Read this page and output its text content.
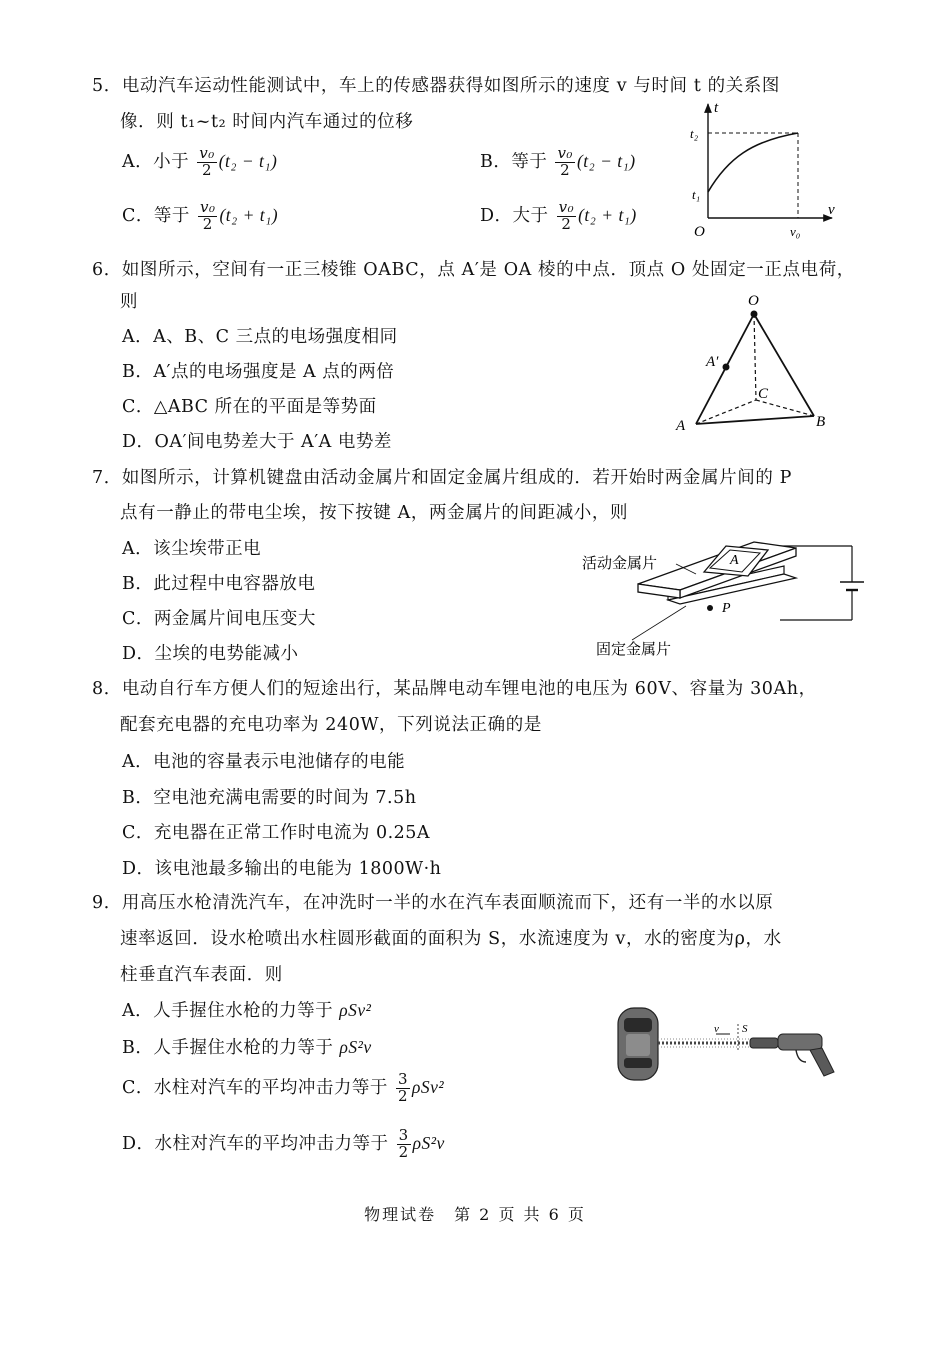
5．电动汽车运动性能测试中，车上的传感器获得如图所示的速度 v 与时间 t 的关系图
像．则 t₁~t₂ 时间内汽车通过的位移
A．小于 $\frac{\text{v₀}}{2} (t_2 - t_1)$	B．等于 $\frac{\text{v₀}}{2} (t_2 - t_1)$
C．等于 $\frac{\text{v₀}}{2} (t_2 + t_1)$	D．大于 $\frac{\text{v₀}}{2} (t_2 + t_1)$
t
v
O
t₂
t₁
v₀
6．如图所示，空间有一正三棱锥 OABC，点 A′是 OA 棱的中点．顶点 O 处固定一正点电荷，
则
A．A、B、C 三点的电场强度相同
B．A′点的电场强度是 A 点的两倍
C．△ABC 所在的平面是等势面
D．OA′间电势差大于 A′A 电势差
O
A′
C
A	B
7．如图所示，计算机键盘由活动金属片和固定金属片组成的．若开始时两金属片间的 P
点有一静止的带电尘埃，按下按键 A，两金属片的间距减小，则
A．该尘埃带正电
B．此过程中电容器放电
C．两金属片间电压变大
D．尘埃的电势能减小
A
P
活动金属片
固定金属片
8．电动自行车方便人们的短途出行，某品牌电动车锂电池的电压为 60V、容量为 30Ah，
配套充电器的充电功率为 240W，下列说法正确的是
A．电池的容量表示电池储存的电能
B．空电池充满电需要的时间为 7.5h
C．充电器在正常工作时电流为 0.25A
D．该电池最多输出的电能为 1800W·h
9．用高压水枪清洗汽车，在冲洗时一半的水在汽车表面顺流而下，还有一半的水以原
速率返回．设水枪喷出水柱圆形截面的面积为 S，水流速度为 v，水的密度为ρ，水
柱垂直汽车表面．则
A．人手握住水枪的力等于 ρSv²
B．人手握住水枪的力等于 ρS²v
C．水柱对汽车的平均冲击力等于 $\frac{3}{2} \rho Sv^2$
D．水柱对汽车的平均冲击力等于 $\frac{3}{2} \rho S^2v$
v S
物理试卷　第 2 页 共 6 页
